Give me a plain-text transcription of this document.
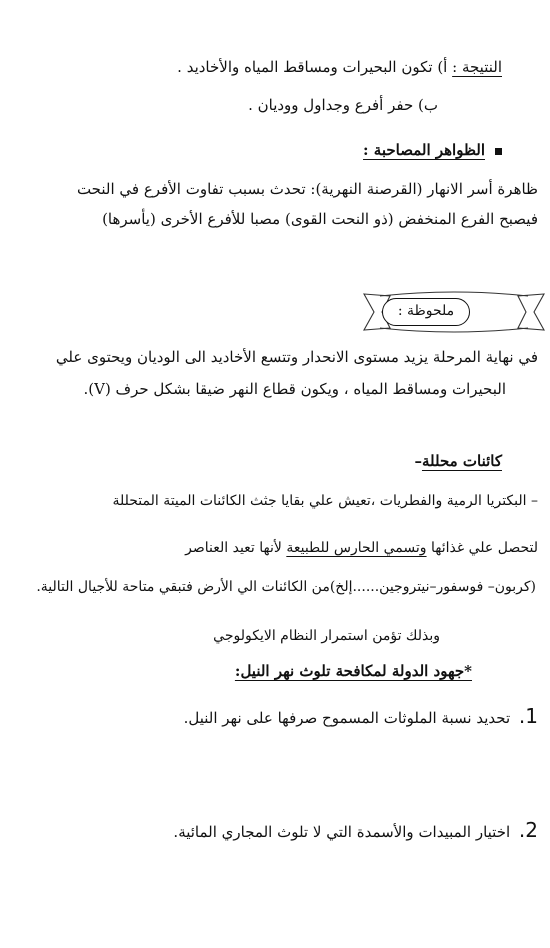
النتيجة : أ) تكون البحيرات ومساقط المياه والأخاديد .
ب) حفر أفرع وجداول ووديان .
الظواهر المصاحبة :
ظاهرة أسر الانهار (القرصنة النهرية): تحدث بسبب تفاوت الأفرع في النحت
فيصبح الفرع المنخفض (ذو النحت القوى) مصبا للأفرع الأخرى (يأسرها)
ملحوظة :
في نهاية المرحلة يزيد مستوى الانحدار وتتسع الأخاديد الى الوديان ويحتوى علي
البحيرات ومساقط المياه ، ويكون قطاع النهر ضيقا بشكل حرف (V).
كائنات محللة–
– البكتريا الرمية والفطريات ،تعيش علي بقايا جثث الكائنات الميتة المتحللة
لتحصل علي غذائها وتسمي الحارس للطبيعة لأنها تعيد العناصر
(كربون– فوسفور–نيتروجين......إلخ)من الكائنات الي الأرض فتبقي متاحة للأجيال التالية.
وبذلك تؤمن استمرار النظام الايكولوجي
*جهود الدولة لمكافحة تلوث نهر النيل:
1. تحديد نسبة الملوثات المسموح صرفها على نهر النيل.
2. اختيار المبيدات والأسمدة التي لا تلوث المجاري المائية.
